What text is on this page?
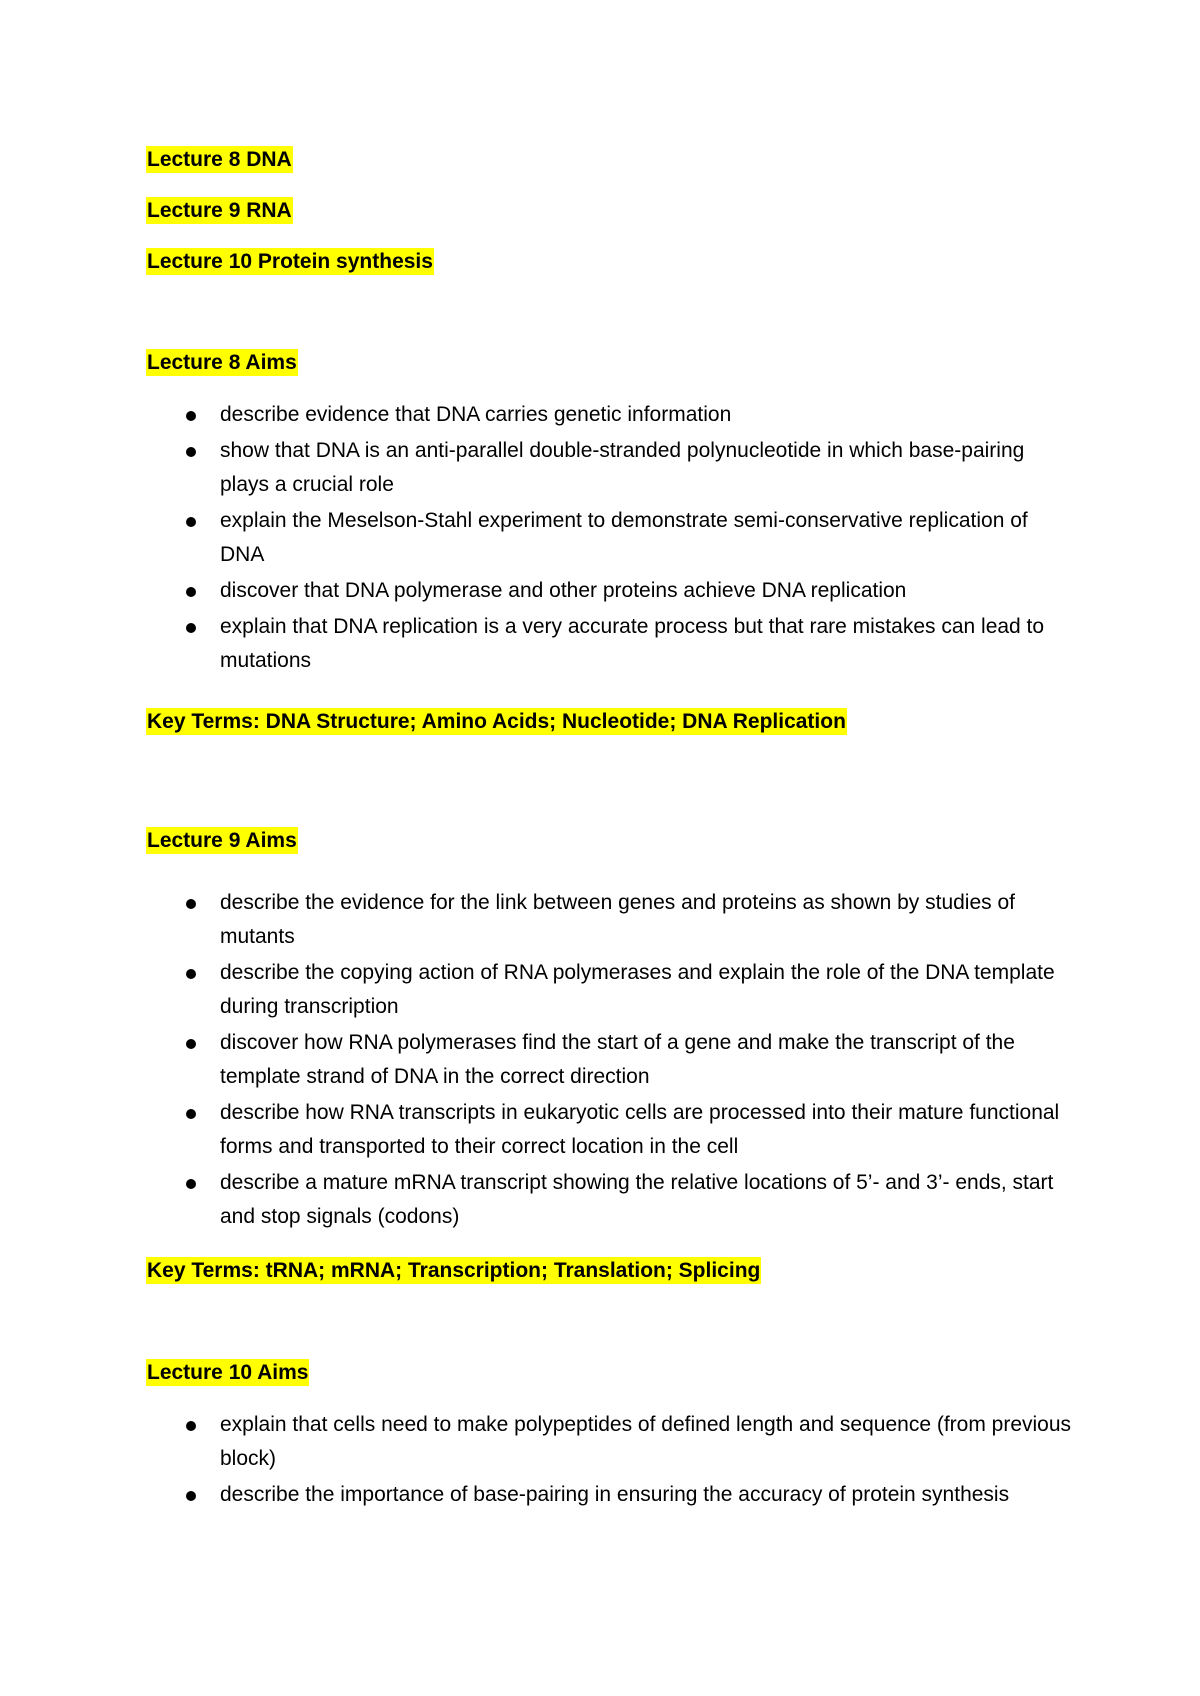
Lecture 8 DNA

Lecture 9 RNA

Lecture 10 Protein synthesis

Lecture 8 Aims

describe evidence that DNA carries genetic information
show that DNA is an anti-parallel double-stranded polynucleotide in which base-pairing plays a crucial role
explain the Meselson-Stahl experiment to demonstrate semi-conservative replication of DNA
discover that DNA polymerase and other proteins achieve DNA replication
explain that DNA replication is a very accurate process but that rare mistakes can lead to mutations

Key Terms: DNA Structure; Amino Acids; Nucleotide; DNA Replication

Lecture 9 Aims

describe the evidence for the link between genes and proteins as shown by studies of mutants
describe the copying action of RNA polymerases and explain the role of the DNA template during transcription
discover how RNA polymerases find the start of a gene and make the transcript of the template strand of DNA in the correct direction
describe how RNA transcripts in eukaryotic cells are processed into their mature functional forms and transported to their correct location in the cell
describe a mature mRNA transcript showing the relative locations of 5’- and 3’- ends, start and stop signals (codons)

Key Terms: tRNA; mRNA; Transcription; Translation; Splicing

Lecture 10 Aims

explain that cells need to make polypeptides of defined length and sequence (from previous block)
describe the importance of base-pairing in ensuring the accuracy of protein synthesis
